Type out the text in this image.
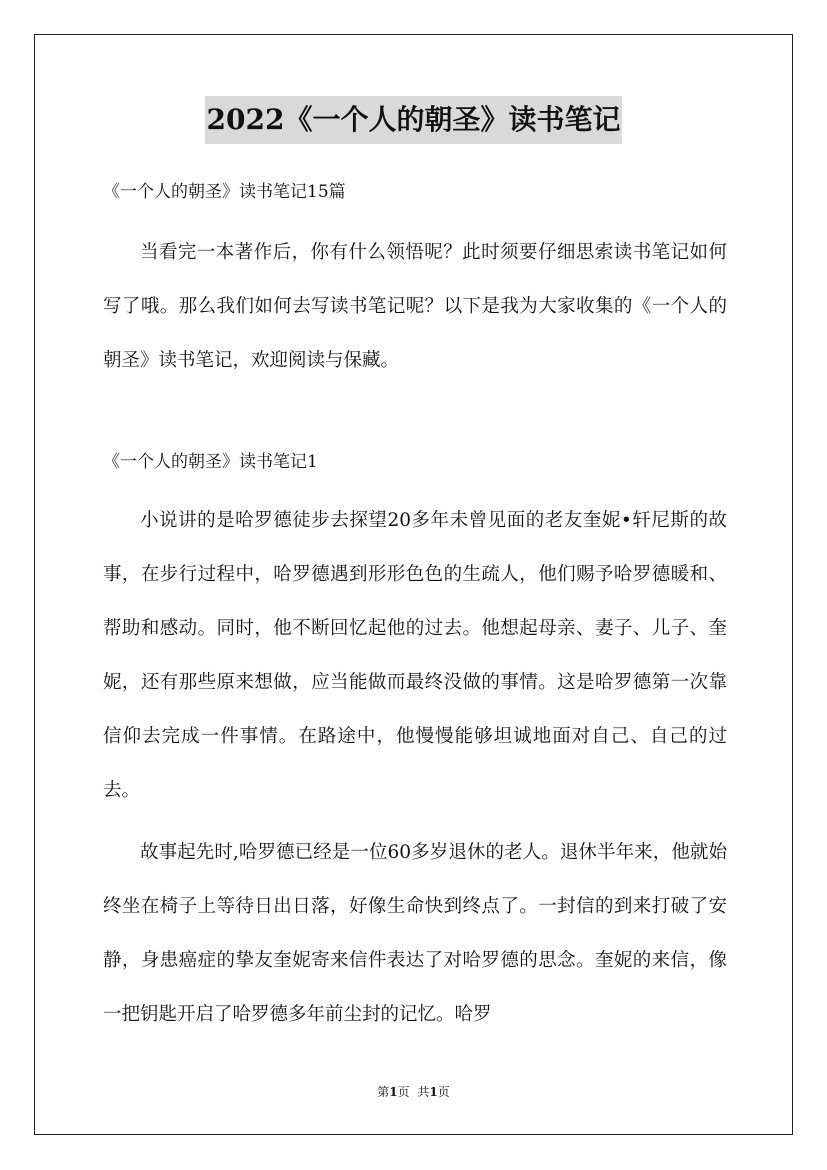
2022《一个人的朝圣》读书笔记

《一个人的朝圣》读书笔记15篇

当看完一本著作后，你有什么领悟呢？此时须要仔细思索读书笔记如何写了哦。那么我们如何去写读书笔记呢？以下是我为大家收集的《一个人的朝圣》读书笔记，欢迎阅读与保藏。

《一个人的朝圣》读书笔记1

小说讲的是哈罗德徒步去探望20多年未曾见面的老友奎妮•轩尼斯的故事，在步行过程中，哈罗德遇到形形色色的生疏人，他们赐予哈罗德暖和、帮助和感动。同时，他不断回忆起他的过去。他想起母亲、妻子、儿子、奎妮，还有那些原来想做，应当能做而最终没做的事情。这是哈罗德第一次靠信仰去完成一件事情。在路途中，他慢慢能够坦诚地面对自己、自己的过去。

故事起先时,哈罗德已经是一位60多岁退休的老人。退休半年来，他就始终坐在椅子上等待日出日落，好像生命快到终点了。一封信的到来打破了安静，身患癌症的挚友奎妮寄来信件表达了对哈罗德的思念。奎妮的来信，像一把钥匙开启了哈罗德多年前尘封的记忆。哈罗

第1页 共1页
